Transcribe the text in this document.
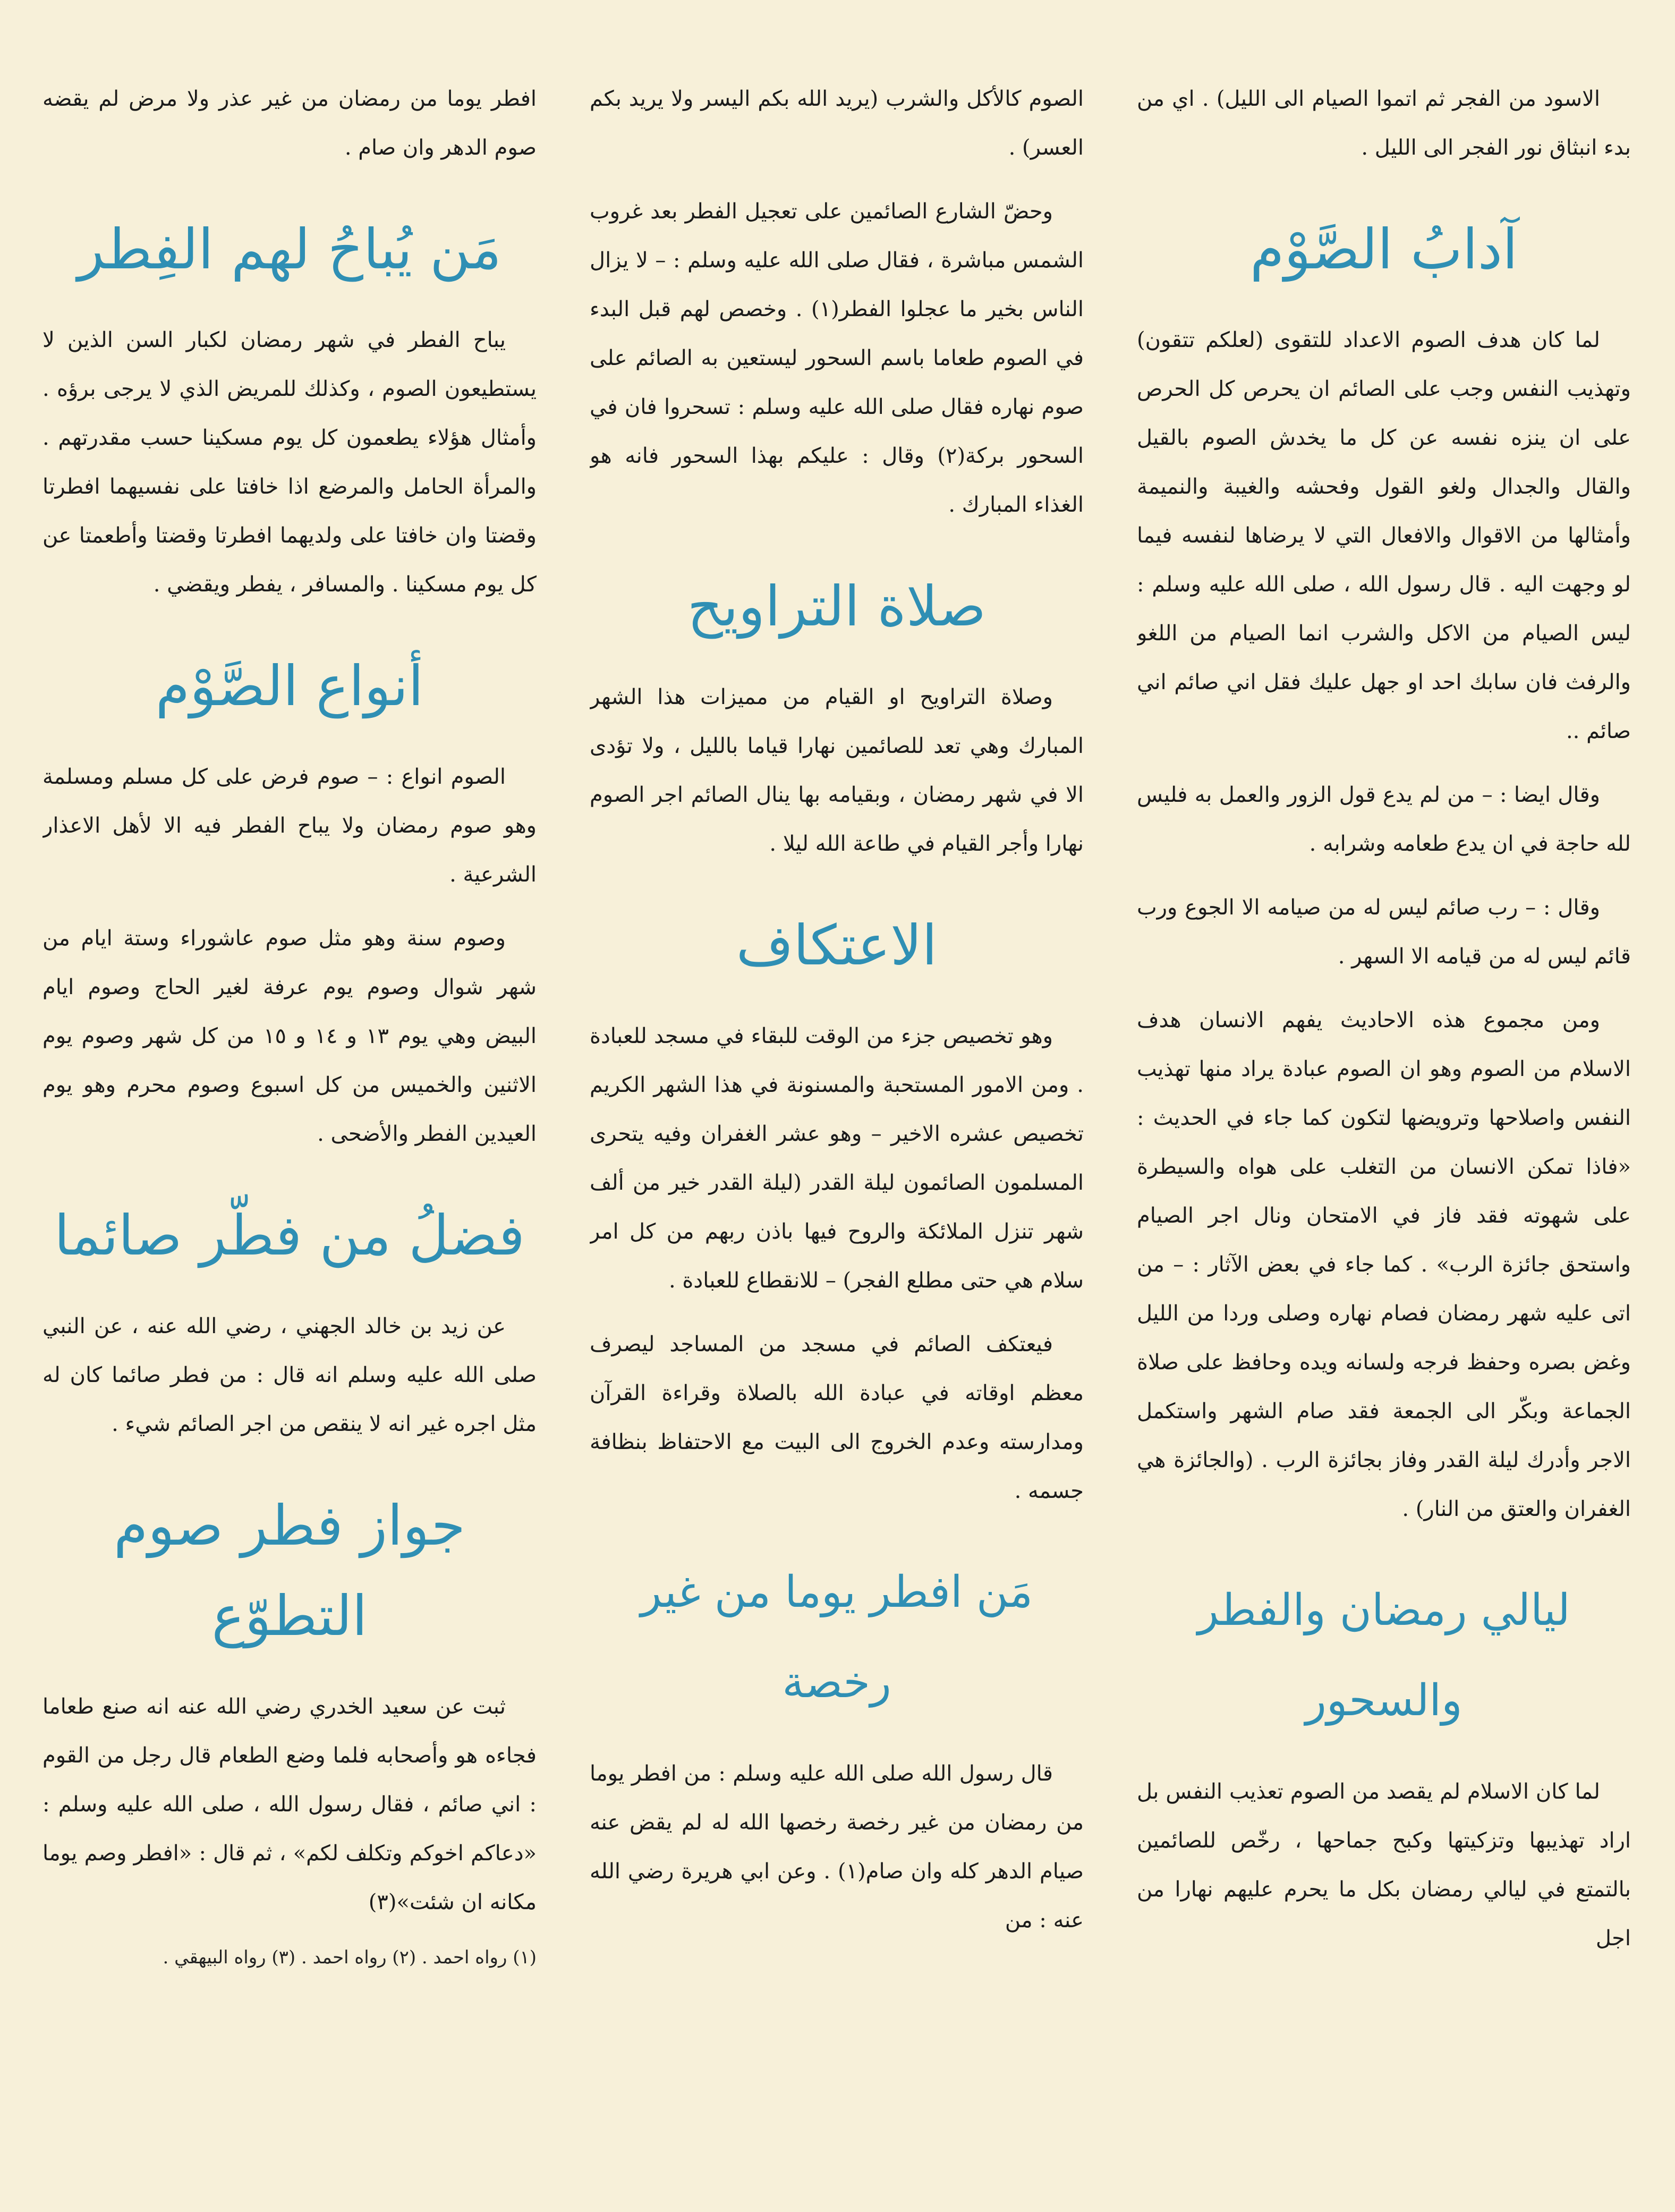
الاسود من الفجر ثم اتموا الصيام الى الليل) . اي من بدء انبثاق نور الفجر الى الليل .

آدابُ الصَّوْم

لما كان هدف الصوم الاعداد للتقوى (لعلكم تتقون) وتهذيب النفس وجب على الصائم ان يحرص كل الحرص على ان ينزه نفسه عن كل ما يخدش الصوم بالقيل والقال والجدال ولغو القول وفحشه والغيبة والنميمة وأمثالها من الاقوال والافعال التي لا يرضاها لنفسه فيما لو وجهت اليه . قال رسول الله ، صلى الله عليه وسلم : ليس الصيام من الاكل والشرب انما الصيام من اللغو والرفث فان سابك احد او جهل عليك فقل اني صائم اني صائم ..

وقال ايضا : – من لم يدع قول الزور والعمل به فليس لله حاجة في ان يدع طعامه وشرابه .

وقال : – رب صائم ليس له من صيامه الا الجوع ورب قائم ليس له من قيامه الا السهر .

ومن مجموع هذه الاحاديث يفهم الانسان هدف الاسلام من الصوم وهو ان الصوم عبادة يراد منها تهذيب النفس واصلاحها وترويضها لتكون كما جاء في الحديث : «فاذا تمكن الانسان من التغلب على هواه والسيطرة على شهوته فقد فاز في الامتحان ونال اجر الصيام واستحق جائزة الرب» . كما جاء في بعض الآثار : – من اتى عليه شهر رمضان فصام نهاره وصلى وردا من الليل وغض بصره وحفظ فرجه ولسانه ويده وحافظ على صلاة الجماعة وبكّر الى الجمعة فقد صام الشهر واستكمل الاجر وأدرك ليلة القدر وفاز بجائزة الرب . (والجائزة هي الغفران والعتق من النار) .

ليالي رمضان والفطر والسحور

لما كان الاسلام لم يقصد من الصوم تعذيب النفس بل اراد تهذيبها وتزكيتها وكبح جماحها ، رخّص للصائمين بالتمتع في ليالي رمضان بكل ما يحرم عليهم نهارا من اجل

الصوم كالأكل والشرب (يريد الله بكم اليسر ولا يريد بكم العسر) .

وحضّ الشارع الصائمين على تعجيل الفطر بعد غروب الشمس مباشرة ، فقال صلى الله عليه وسلم : – لا يزال الناس بخير ما عجلوا الفطر(١) . وخصص لهم قبل البدء في الصوم طعاما باسم السحور ليستعين به الصائم على صوم نهاره فقال صلى الله عليه وسلم : تسحروا فان في السحور بركة(٢) وقال : عليكم بهذا السحور فانه هو الغذاء المبارك .

صلاة التراويح

وصلاة التراويح او القيام من مميزات هذا الشهر المبارك وهي تعد للصائمين نهارا قياما بالليل ، ولا تؤدى الا في شهر رمضان ، وبقيامه بها ينال الصائم اجر الصوم نهارا وأجر القيام في طاعة الله ليلا .

الاعتكاف

وهو تخصيص جزء من الوقت للبقاء في مسجد للعبادة . ومن الامور المستحبة والمسنونة في هذا الشهر الكريم تخصيص عشره الاخير – وهو عشر الغفران وفيه يتحرى المسلمون الصائمون ليلة القدر (ليلة القدر خير من ألف شهر تنزل الملائكة والروح فيها باذن ربهم من كل امر سلام هي حتى مطلع الفجر) – للانقطاع للعبادة .

فيعتكف الصائم في مسجد من المساجد ليصرف معظم اوقاته في عبادة الله بالصلاة وقراءة القرآن ومدارسته وعدم الخروج الى البيت مع الاحتفاظ بنظافة جسمه .

مَن افطر يوما من غير رخصة

قال رسول الله صلى الله عليه وسلم : من افطر يوما من رمضان من غير رخصة رخصها الله له لم يقض عنه صيام الدهر كله وان صام(١) . وعن ابي هريرة رضي الله عنه : من

افطر يوما من رمضان من غير عذر ولا مرض لم يقضه صوم الدهر وان صام .

مَن يُباحُ لهم الفِطر

يباح الفطر في شهر رمضان لكبار السن الذين لا يستطيعون الصوم ، وكذلك للمريض الذي لا يرجى برؤه . وأمثال هؤلاء يطعمون كل يوم مسكينا حسب مقدرتهم . والمرأة الحامل والمرضع اذا خافتا على نفسيهما افطرتا وقضتا وان خافتا على ولديهما افطرتا وقضتا وأطعمتا عن كل يوم مسكينا . والمسافر ، يفطر ويقضي .

أنواع الصَّوْم

الصوم انواع : – صوم فرض على كل مسلم ومسلمة وهو صوم رمضان ولا يباح الفطر فيه الا لأهل الاعذار الشرعية .

وصوم سنة وهو مثل صوم عاشوراء وستة ايام من شهر شوال وصوم يوم عرفة لغير الحاج وصوم ايام البيض وهي يوم ١٣ و ١٤ و ١٥ من كل شهر وصوم يوم الاثنين والخميس من كل اسبوع وصوم محرم وهو يوم العيدين الفطر والأضحى .

فضلُ من فطّر صائما

عن زيد بن خالد الجهني ، رضي الله عنه ، عن النبي صلى الله عليه وسلم انه قال : من فطر صائما كان له مثل اجره غير انه لا ينقص من اجر الصائم شيء .

جواز فطر صوم التطوّع

ثبت عن سعيد الخدري رضي الله عنه انه صنع طعاما فجاءه هو وأصحابه فلما وضع الطعام قال رجل من القوم : اني صائم ، فقال رسول الله ، صلى الله عليه وسلم : «دعاكم اخوكم وتكلف لكم» ، ثم قال : «افطر وصم يوما مكانه ان شئت»(٣)

(١) رواه احمد . (٢) رواه احمد . (٣) رواه البيهقي .
